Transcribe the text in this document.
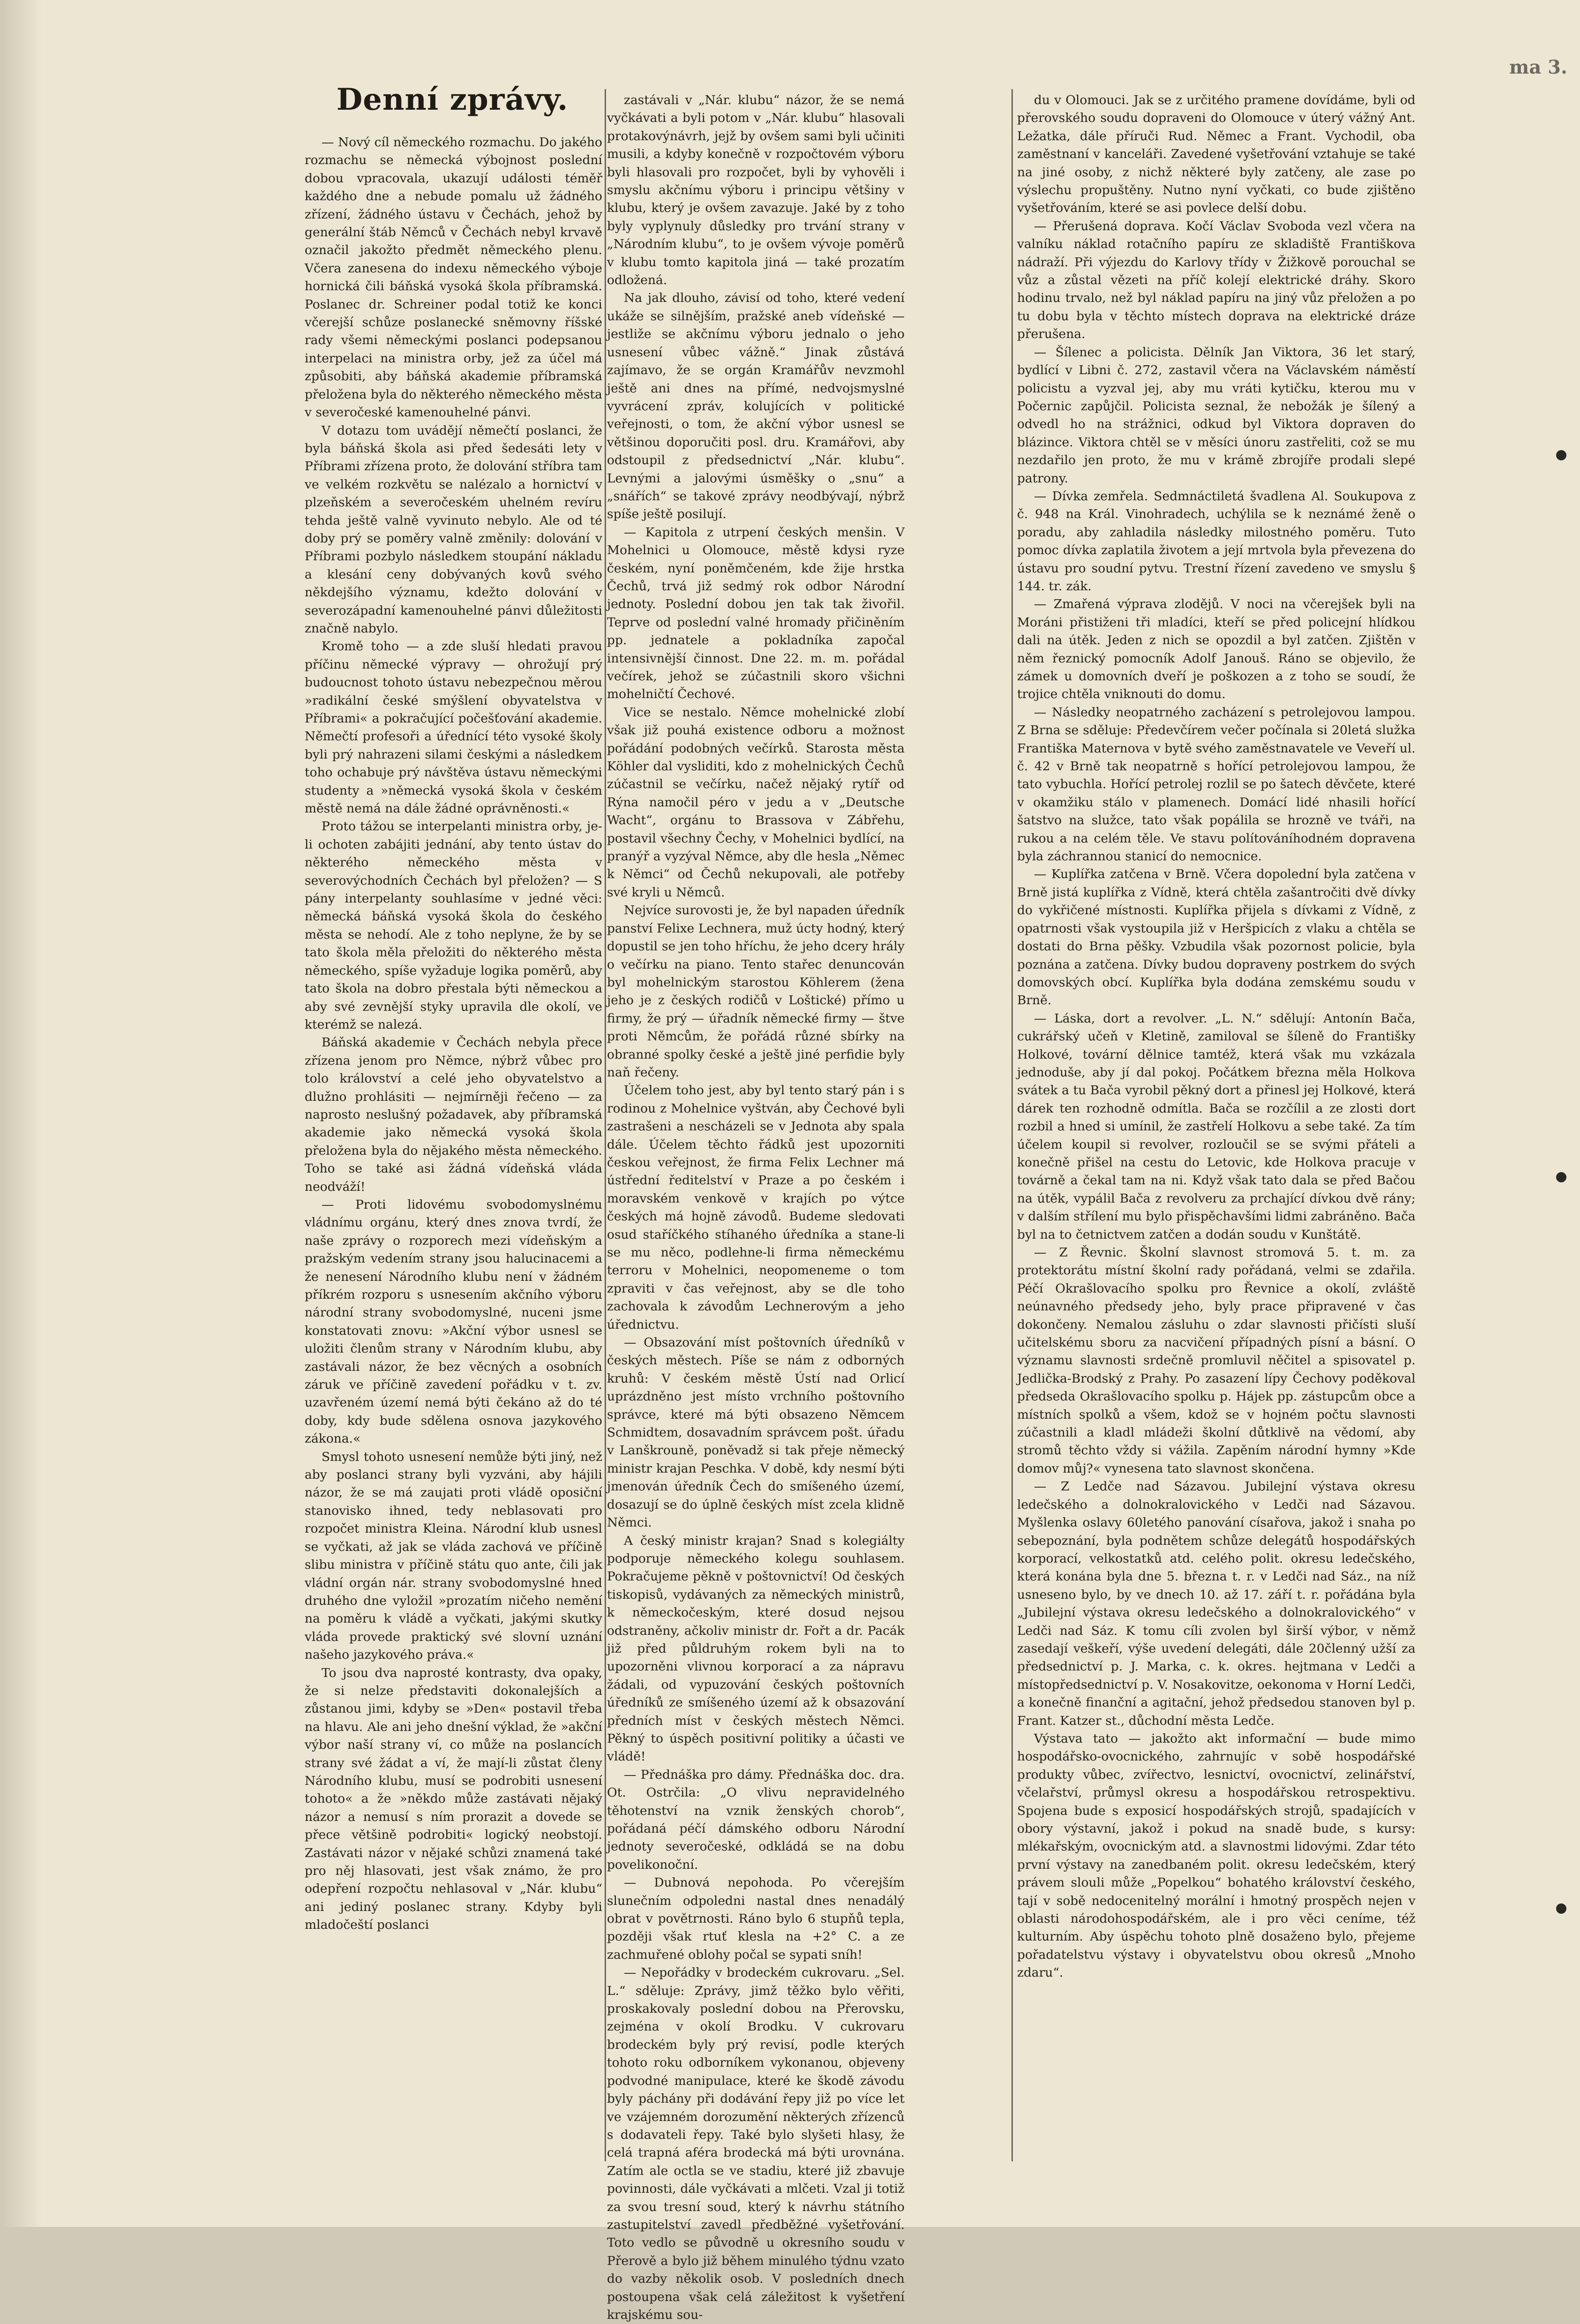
ma 3.
Denní zprávy.

— Nový cíl německého rozmachu. Do jakého rozmachu se německá výbojnost poslední dobou vpracovala, ukazují události téměř každého dne a nebude pomalu už žádného zřízení, žádného ústavu v Čechách, jehož by generální štáb Němců v Čechách nebyl krvavě označil jakožto předmět německého plenu. Včera zanesena do indexu německého výboje hornická čili báňská vysoká škola příbramská. Poslanec dr. Schreiner podal totiž ke konci včerejší schůze poslanecké sněmovny říšské rady všemi německými poslanci podepsanou interpelaci na ministra orby, jež za účel má způsobiti, aby báňská akademie příbramská přeložena byla do některého německého města v severočeské kamenouhelné pánvi.

V dotazu tom uvádějí němečtí poslanci, že byla báňská škola asi před šedesáti lety v Příbrami zřízena proto, že dolování stříbra tam ve velkém rozkvětu se nalézalo a hornictví v plzeňském a severočeském uhelném revíru tehda ještě valně vyvinuto nebylo. Ale od té doby prý se poměry valně změnily: dolování v Příbrami pozbylo následkem stoupání nákladu a klesání ceny dobývaných kovů svého někdejšího významu, kdežto dolování v severozápadní kamenouhelné pánvi důležitosti značně nabylo.

Kromě toho — a zde sluší hledati pravou příčinu německé výpravy — ohrožují prý budoucnost tohoto ústavu nebezpečnou měrou »radikální české smýšlení obyvatelstva v Příbrami« a pokračující počešťování akademie. Němečtí profesoři a úřednící této vysoké školy byli prý nahrazeni silami českými a následkem toho ochabuje prý návštěva ústavu německými studenty a »německá vysoká škola v českém městě nemá na dále žádné oprávněnosti.«

Proto tážou se interpelanti ministra orby, je-li ochoten zabájiti jednání, aby tento ústav do některého německého města v severovýchodních Čechách byl přeložen? — S pány interpelanty souhlasíme v jedné věci: německá báňská vysoká škola do českého města se nehodí. Ale z toho neplyne, že by se tato škola měla přeložiti do některého města německého, spíše vyžaduje logika poměrů, aby tato škola na dobro přestala býti německou a aby své zevnější styky upravila dle okolí, ve kterémž se nalezá.

Báňská akademie v Čechách nebyla přece zřízena jenom pro Němce, nýbrž vůbec pro tolo království a celé jeho obyvatelstvo a dlužno prohlásiti — nejmírněji řečeno — za naprosto neslušný požadavek, aby příbramská akademie jako německá vysoká škola přeložena byla do nějakého města německého. Toho se také asi žádná vídeňská vláda neodváží!

— Proti lidovému svobodomyslnému vládnímu orgánu, který dnes znova tvrdí, že naše zprávy o rozporech mezi vídeňským a pražským vedením strany jsou halucinacemi a že nenesení Národního klubu není v žádném příkrém rozporu s usnesením akčního výboru národní strany svobodomyslné, nuceni jsme konstatovati znovu: »Akční výbor usnesl se uložiti členům strany v Národním klubu, aby zastávali názor, že bez věcných a osobních záruk ve příčině zavedení pořádku v t. zv. uzavřeném území nemá býti čekáno až do té doby, kdy bude sdělena osnova jazykového zákona.«

Smysl tohoto usnesení nemůže býti jiný, než aby poslanci strany byli vyzváni, aby hájili názor, že se má zaujati proti vládě oposiční stanovisko ihned, tedy neblasovati pro rozpočet ministra Kleina. Národní klub usnesl se vyčkati, až jak se vláda zachová ve příčině slibu ministra v příčině státu quo ante, čili jak vládní orgán nár. strany svobodomyslné hned druhého dne vyložil »prozatím ničeho nemění na poměru k vládě a vyčkati, jakými skutky vláda provede praktický své slovní uznání našeho jazykového práva.«

To jsou dva naprosté kontrasty, dva opaky, že si nelze představiti dokonalejších a zůstanou jimi, kdyby se »Den« postavil třeba na hlavu. Ale ani jeho dnešní výklad, že »akční výbor naší strany ví, co může na poslancích strany své žádat a ví, že mají-li zůstat členy Národního klubu, musí se podrobiti usnesení tohoto« a že »někdo může zastávati nějaký názor a nemusí s ním prorazit a dovede se přece většině podrobiti« logický neobstojí. Zastávati názor v nějaké schůzi znamená také pro něj hlasovati, jest však známo, že pro odepření rozpočtu nehlasoval v „Nár. klubu“ ani jediný poslanec strany. Kdyby byli mladočeští poslanci

zastávali v „Nár. klubu“ názor, že se nemá vyčkávati a byli potom v „Nár. klubu“ hlasovali protakovýnávrh, jejž by ovšem sami byli učiniti musili, a kdyby konečně v rozpočtovém výboru byli hlasovali pro rozpočet, byli by vyhověli i smyslu akčnímu výboru i principu většiny v klubu, který je ovšem zavazuje. Jaké by z toho byly vyplynuly důsledky pro trvání strany v „Národním klubu“, to je ovšem vývoje poměrů v klubu tomto kapitola jiná — také prozatím odložená.

Na jak dlouho, závisí od toho, které vedení ukáže se silnějším, pražské aneb vídeňské — jestliže se akčnímu výboru jednalo o jeho usnesení vůbec vážně.“ Jinak zůstává zajímavo, že se orgán Kramářův nevzmohl ještě ani dnes na přímé, nedvojsmyslné vyvrácení zpráv, kolujících v politické veřejnosti, o tom, že akční výbor usnesl se většinou doporučiti posl. dru. Kramářovi, aby odstoupil z předsednictví „Nár. klubu“. Levnými a jalovými úsměšky o „snu“ a „snářích“ se takové zprávy neodbývají, nýbrž spíše ještě posilují.

— Kapitola z utrpení českých menšin. V Mohelnici u Olomouce, městě kdysi ryze českém, nyní poněmčeném, kde žije hrstka Čechů, trvá již sedmý rok odbor Národní jednoty. Poslední dobou jen tak tak živořil. Teprve od poslední valné hromady přičiněním pp. jednatele a pokladníka započal intensivnější činnost. Dne 22. m. m. pořádal večírek, jehož se zúčastnili skoro všichni mohelničtí Čechové.

Vice se nestalo. Němce mohelnické zlobí však již pouhá existence odboru a možnost pořádání podobných večírků. Starosta města Köhler dal vysliditi, kdo z mohelnických Čechů zúčastnil se večírku, načež nějaký rytíř od Rýna namočil péro v jedu a v „Deutsche Wacht“, orgánu to Brassova v Zábřehu, postavil všechny Čechy, v Mohelnici bydlící, na pranýř a vyzýval Němce, aby dle hesla „Němec k Němci“ od Čechů nekupovali, ale potřeby své kryli u Němců.

Nejvíce surovosti je, že byl napaden úředník panství Felixe Lechnera, muž úcty hodný, který dopustil se jen toho hříchu, že jeho dcery hrály o večírku na piano. Tento stařec denuncován byl mohelnickým starostou Köhlerem (žena jeho je z českých rodičů v Loštické) přímo u firmy, že prý — úřadník německé firmy — štve proti Němcům, že pořádá různé sbírky na obranné spolky české a ještě jiné perfidie byly naň řečeny.

Účelem toho jest, aby byl tento starý pán i s rodinou z Mohelnice vyštván, aby Čechové byli zastrašeni a nescházeli se v Jednota aby spala dále. Účelem těchto řádků jest upozorniti českou veřejnost, že firma Felix Lechner má ústřední ředitelství v Praze a po českém i moravském venkově v krajích po výtce českých má hojně závodů. Budeme sledovati osud staříčkého stíhaného úředníka a stane-li se mu něco, podlehne-li firma německému terroru v Mohelnici, neopomeneme o tom zpraviti v čas veřejnost, aby se dle toho zachovala k závodům Lechnerovým a jeho úřednictvu.

— Obsazování míst poštovních úředníků v českých městech. Píše se nám z odborných kruhů: V českém městě Ústí nad Orlicí uprázdněno jest místo vrchního poštovního správce, které má býti obsazeno Němcem Schmidtem, dosavadním správcem pošt. úřadu v Lanškrouně, poněvadž si tak přeje německý ministr krajan Peschka. V době, kdy nesmí býti jmenován úředník Čech do smíšeného území, dosazují se do úplně českých míst zcela klidně Němci.

A český ministr krajan? Snad s kolegiálty podporuje německého kolegu souhlasem. Pokračujeme pěkně v poštovnictví! Od českých tiskopisů, vydávaných za německých ministrů, k německočeským, které dosud nejsou odstraněny, ačkoliv ministr dr. Fořt a dr. Pacák již před půldruhým rokem byli na to upozorněni vlivnou korporací a za nápravu žádali, od vypuzování českých poštovních úředníků ze smíšeného území až k obsazování předních míst v českých městech Němci. Pěkný to úspěch positivní politiky a účasti ve vládě!

— Přednáška pro dámy. Přednáška doc. dra. Ot. Ostrčila: „O vlivu nepravidelného těhotenství na vznik ženských chorob“, pořádaná péčí dámského odboru Národní jednoty severočeské, odkládá se na dobu povelikonoční.

— Dubnová nepohoda. Po včerejším slunečním odpoledni nastal dnes nenadálý obrat v povětrnosti. Ráno bylo 6 stupňů tepla, později však rtuť klesla na +2° C. a ze zachmuřené oblohy počal se sypati sníh!

— Nepořádky v brodeckém cukrovaru. „Sel. L.“ sděluje: Zprávy, jimž těžko bylo věřiti, proskakovaly poslední dobou na Přerovsku, zejména v okolí Brodku. V cukrovaru brodeckém byly prý revisí, podle kterých tohoto roku odborníkem vykonanou, objeveny podvodné manipulace, které ke škodě závodu byly páchány při dodávání řepy již po více let ve vzájemném dorozumění některých zřízenců s dodavateli řepy. Také bylo slyšeti hlasy, že celá trapná aféra brodecká má býti urovnána. Zatím ale octla se ve stadiu, které již zbavuje povinnosti, dále vyčkávati a mlčeti. Vzal ji totiž za svou tresní soud, který k návrhu státního zastupitelství zavedl předběžné vyšetřování. Toto vedlo se původně u okresního soudu v Přerově a bylo již během minulého týdnu vzato do vazby několik osob. V posledních dnech postoupena však celá záležitost k vyšetření krajskému sou-

du v Olomouci. Jak se z určitého pramene dovídáme, byli od přerovského soudu dopraveni do Olomouce v úterý vážný Ant. Ležatka, dále příruči Rud. Němec a Frant. Vychodil, oba zaměstnaní v kanceláři. Zavedené vyšetřování vztahuje se také na jiné osoby, z nichž některé byly zatčeny, ale zase po výslechu propuštěny. Nutno nyní vyčkati, co bude zjištěno vyšetřováním, které se asi povlece delší dobu.

— Přerušená doprava. Kočí Václav Svoboda vezl včera na valníku náklad rotačního papíru ze skladiště Františkova nádraží. Při výjezdu do Karlovy třídy v Žižkově porouchal se vůz a zůstal vězeti na příč kolejí elektrické dráhy. Skoro hodinu trvalo, než byl náklad papíru na jiný vůz přeložen a po tu dobu byla v těchto místech doprava na elektrické dráze přerušena.

— Šílenec a policista. Dělník Jan Viktora, 36 let starý, bydlící v Libni č. 272, zastavil včera na Václavském náměstí policistu a vyzval jej, aby mu vráti kytičku, kterou mu v Počernic zapůjčil. Policista seznal, že nebožák je šílený a odvedl ho na strážnici, odkud byl Viktora dopraven do blázince. Viktora chtěl se v měsíci únoru zastřeliti, což se mu nezdařilo jen proto, že mu v krámě zbrojíře prodali slepé patrony.

— Dívka zemřela. Sedmnáctiletá švadlena Al. Soukupova z č. 948 na Král. Vinohradech, uchýlila se k neznámé ženě o poradu, aby zahladila následky milostného poměru. Tuto pomoc dívka zaplatila životem a její mrtvola byla převezena do ústavu pro soudní pytvu. Trestní řízení zavedeno ve smyslu § 144. tr. zák.

— Zmařená výprava zlodějů. V noci na včerejšek byli na Moráni přistiženi tři mladíci, kteří se před policejní hlídkou dali na útěk. Jeden z nich se opozdil a byl zatčen. Zjištěn v něm řeznický pomocník Adolf Janouš. Ráno se objevilo, že zámek u domovních dveří je poškozen a z toho se soudí, že trojice chtěla vniknouti do domu.

— Následky neopatrného zacházení s petrolejovou lampou. Z Brna se sděluje: Předevčírem večer počínala si 20letá služka Františka Maternova v bytě svého zaměstnavatele ve Veveří ul. č. 42 v Brně tak neopatrně s hořící petrolejovou lampou, že tato vybuchla. Hořící petrolej rozlil se po šatech děvčete, které v okamžiku stálo v plamenech. Domácí lidé nhasili hořící šatstvo na služce, tato však popálila se hrozně ve tváři, na rukou a na celém těle. Ve stavu polítováníhodném dopravena byla záchrannou stanicí do nemocnice.

— Kuplířka zatčena v Brně. Včera dopolední byla zatčena v Brně jistá kuplířka z Vídně, která chtěla zašantročiti dvě dívky do vykřičené místnosti. Kuplířka přijela s dívkami z Vídně, z opatrnosti však vystoupila již v Heršpicích z vlaku a chtěla se dostati do Brna pěšky. Vzbudila však pozornost policie, byla poznána a zatčena. Dívky budou dopraveny postrkem do svých domovských obcí. Kuplířka byla dodána zemskému soudu v Brně.

— Láska, dort a revolver. „L. N.“ sdělují: Antonín Bača, cukrářský učeň v Kletině, zamiloval se šíleně do Františky Holkové, tovární dělnice tamtéž, která však mu vzkázala jednoduše, aby jí dal pokoj. Počátkem března měla Holkova svátek a tu Bača vyrobil pěkný dort a přinesl jej Holkové, která dárek ten rozhodně odmítla. Bača se rozčílil a ze zlosti dort rozbil a hned si umínil, že zastřelí Holkovu a sebe také. Za tím účelem koupil si revolver, rozloučil se se svými přáteli a konečně přišel na cestu do Letovic, kde Holkova pracuje v továrně a čekal tam na ni. Když však tato dala se před Bačou na útěk, vypálil Bača z revolveru za prchající dívkou dvě rány; v dalším střílení mu bylo přispěchavšími lidmi zabráněno. Bača byl na to četnictvem zatčen a dodán soudu v Kunštátě.

— Z Řevnic. Školní slavnost stromová 5. t. m. za protektorátu místní školní rady pořádaná, velmi se zdařila. Péčí Okrašlovacího spolku pro Řevnice a okolí, zvláště neúnavného předsedy jeho, byly prace připravené v čas dokončeny. Nemalou zásluhu o zdar slavnosti přičísti sluší učitelskému sboru za nacvičení případných písní a básní. O významu slavnosti srdečně promluvil něčitel a spisovatel p. Jedlička-Brodský z Prahy. Po zasazení lípy Čechovy poděkoval předseda Okrašlovacího spolku p. Hájek pp. zástupcům obce a místních spolků a všem, kdož se v hojném počtu slavnosti zúčastnili a kladl mládeži školní důtklivě na vědomí, aby stromů těchto vždy si vážila. Zapěním národní hymny »Kde domov můj?« vynesena tato slavnost skončena.

— Z Ledče nad Sázavou. Jubilejní výstava okresu ledečského a dolnokralovického v Ledči nad Sázavou. Myšlenka oslavy 60letého panování císařova, jakož i snaha po sebepoznání, byla podnětem schůze delegátů hospodářských korporací, velkostatků atd. celého polit. okresu ledečského, která konána byla dne 5. března t. r. v Ledči nad Sáz., na níž usneseno bylo, by ve dnech 10. až 17. září t. r. pořádána byla „Jubilejní výstava okresu ledečského a dolnokralovického“ v Ledči nad Sáz. K tomu cíli zvolen byl širší výbor, v němž zasedají veškeří, výše uvedení delegáti, dále 20členný užší za předsednictví p. J. Marka, c. k. okres. hejtmana v Ledči a místopředsednictví p. V. Nosakovitze, oekonoma v Horní Ledči, a konečně finanční a agitační, jehož předsedou stanoven byl p. Frant. Katzer st., důchodní města Ledče.

Výstava tato — jakožto akt informační — bude mimo hospodářsko-ovocnického, zahrnujíc v sobě hospodářské produkty vůbec, zvířectvo, lesnictví, ovocnictví, zelinářství, včelařství, průmysl okresu a hospodářskou retrospektivu. Spojena bude s exposicí hospodářských strojů, spadajících v obory výstavní, jakož i pokud na snadě bude, s kursy: mlékařským, ovocnickým atd. a slavnostmi lidovými. Zdar této první výstavy na zanedbaném polit. okresu ledečském, který právem slouli může „Popelkou“ bohatého království českého, tají v sobě nedocenitelný morální i hmotný prospěch nejen v oblasti národohospodářském, ale i pro věci ceníme, též kulturním. Aby úspěchu tohoto plně dosaženo bylo, přejeme pořadatelstvu výstavy i obyvatelstvu obou okresů „Mnoho zdaru“.
